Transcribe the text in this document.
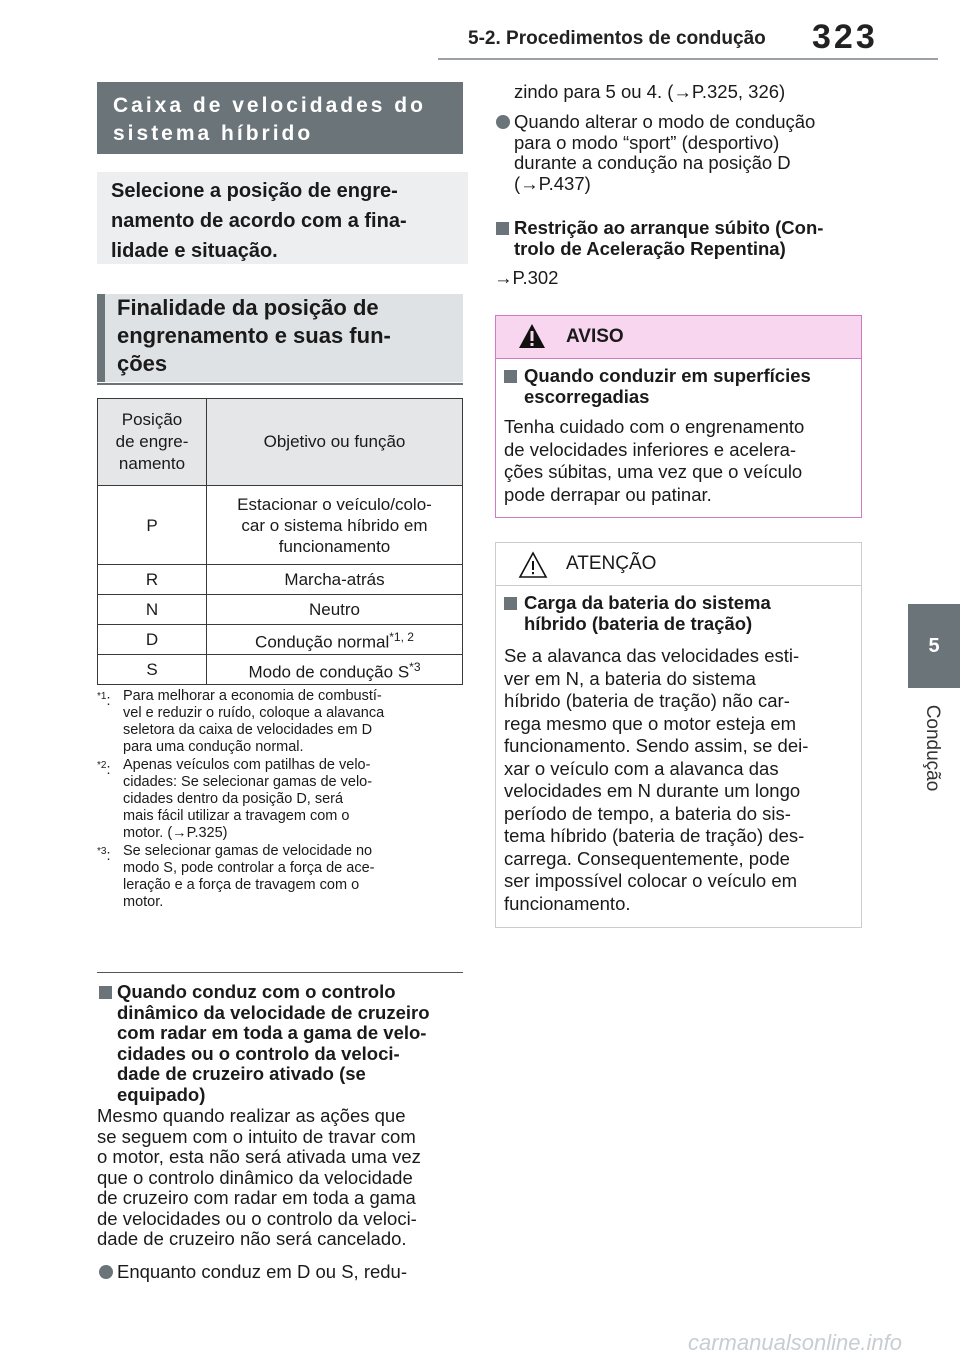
5-2. Procedimentos de condução 323
5
Condução
Caixa de velocidades do
sistema híbrido
Selecione a posição de engre-
namento de acordo com a fina-
lidade e situação.
Finalidade da posição de
engrenamento e suas fun-
ções
Posição
de engre-
namento	Objetivo ou função
P	Estacionar o veículo/colo-
car o sistema híbrido em
funcionamento

R	Marcha-atrás
N	Neutro
D	Condução normal$^{*1, 2}$
S	Modo de condução $S^{*3}$
$^{*1}$: Para melhorar a economia de combustí-
vel e reduzir o ruído, coloque a alavanca
seletora da caixa de velocidades em D
para uma condução normal.
$^{*2}$: Apenas veículos com patilhas de velo-
cidades: Se selecionar gamas de velo-
cidades dentro da posição D, será
mais fácil utilizar a travagem com o
motor. (→P.325)
$^{*3}$: Se selecionar gamas de velocidade no
modo S, pode controlar a força de ace-
leração e a força de travagem com o
motor.
Quando conduz com o controlo
dinâmico da velocidade de cruzeiro
com radar em toda a gama de velo-
cidades ou o controlo da veloci-
dade de cruzeiro ativado (se
equipado)
Mesmo quando realizar as ações que
se seguem com o intuito de travar com
o motor, esta não será ativada uma vez
que o controlo dinâmico da velocidade
de cruzeiro com radar em toda a gama
de velocidades ou o controlo da veloci-
dade de cruzeiro não será cancelado.
Enquanto conduz em D ou S, redu-
zindo para 5 ou 4. (→P.325, 326)
Quando alterar o modo de condução
para o modo “sport” (desportivo)
durante a condução na posição D
(→P.437)
Restrição ao arranque súbito (Con-
trolo de Aceleração Repentina)
→P.302
AVISO
Quando conduzir em superfícies
escorregadias
Tenha cuidado com o engrenamento
de velocidades inferiores e acelera-
ções súbitas, uma vez que o veículo
pode derrapar ou patinar.
ATENÇÃO
Carga da bateria do sistema
híbrido (bateria de tração)
Se a alavanca das velocidades esti-
ver em N, a bateria do sistema
híbrido (bateria de tração) não car-
rega mesmo que o motor esteja em
funcionamento. Sendo assim, se dei-
xar o veículo com a alavanca das
velocidades em N durante um longo
período de tempo, a bateria do sis-
tema híbrido (bateria de tração) des-
carrega. Consequentemente, pode
ser impossível colocar o veículo em
funcionamento.
carmanualsonline.info
